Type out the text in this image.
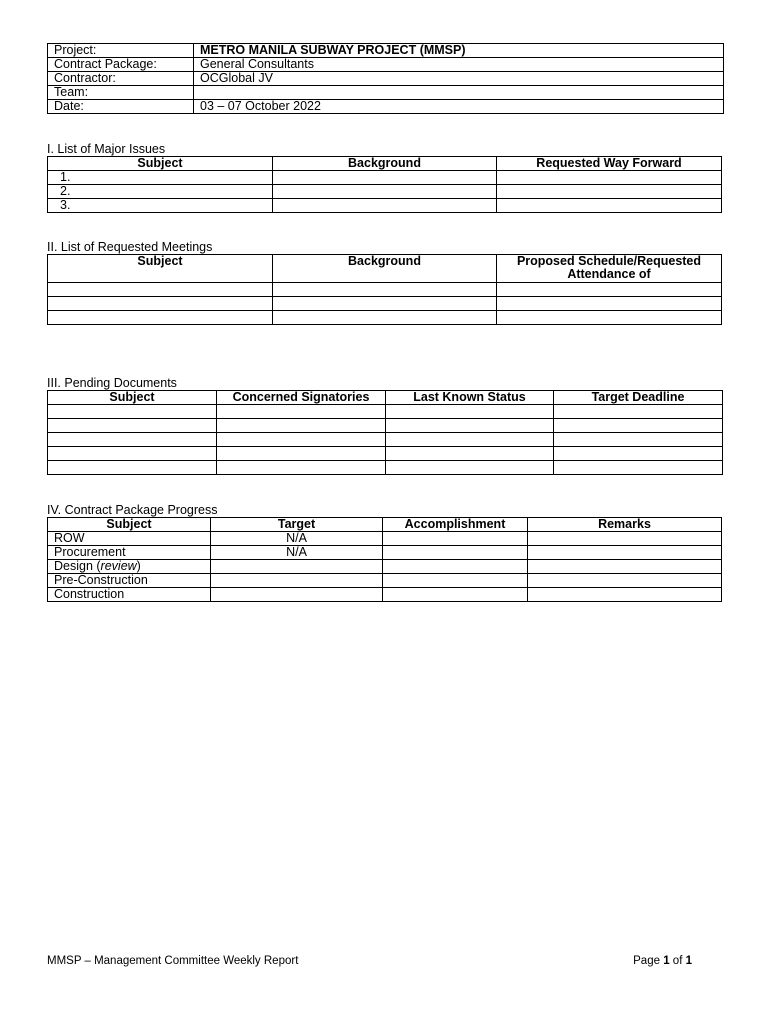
Project:	METRO MANILA SUBWAY PROJECT (MMSP)
Contract Package:	General Consultants
Contractor:	OCGlobal JV
Team:	
Date:	03 – 07 October 2022
I. List of Major Issues
Subject	Background	Requested Way Forward
1.		
2.		
3.		
II. List of Requested Meetings
Subject	Background	Proposed Schedule/Requested Attendance of

III. Pending Documents
Subject	Concerned Signatories	Last Known Status	Target Deadline

IV. Contract Package Progress
Subject	Target	Accomplishment	Remarks
ROW	N/A		
Procurement	N/A		
Design (review)			
Pre-Construction			
Construction			
MMSP – Management Committee Weekly Report	Page 1 of 1
